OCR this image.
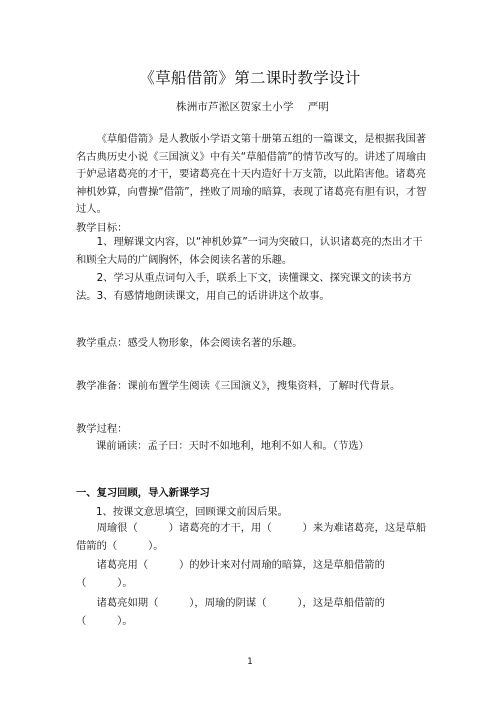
《草船借箭》第二课时教学设计
株洲市芦淞区贺家土小学 严明
《草船借箭》是人教版小学语文第十册第五组的一篇课文，是根据我国著名古典历史小说《三国演义》中有关“草船借箭”的情节改写的。讲述了周瑜由于妒忌诸葛亮的才干，要诸葛亮在十天内造好十万支箭，以此陷害他。诸葛亮神机妙算，向曹操“借箭”，挫败了周瑜的暗算，表现了诸葛亮有胆有识，才智过人。
教学目标：
1、理解课文内容，以“神机妙算”一词为突破口，认识诸葛亮的杰出才干和顾全大局的广阔胸怀，体会阅读名著的乐趣。
2、学习从重点词句入手，联系上下文，读懂课文、探究课文的读书方法。 3、有感情地朗读课文，用自己的话讲讲这个故事。
教学重点：感受人物形象，体会阅读名著的乐趣。
教学准备：课前布置学生阅读《三国演义》，搜集资料，了解时代背景。
教学过程：
课前诵读：孟子曰：天时不如地利，地利不如人和。（节选）
一、复习回顾，导入新课学习
1、按课文意思填空，回顾课文前因后果。
周瑜很（　　　）诸葛亮的才干，用（　　　）来为难诸葛亮，这是草船借箭的（　　　）。
诸葛亮用（　　　）的妙计来对付周瑜的暗算，这是草船借箭的（　　　）。
诸葛亮如期（　　　），周瑜的阴谋（　　　），这是草船借箭的（　　　）。
1
